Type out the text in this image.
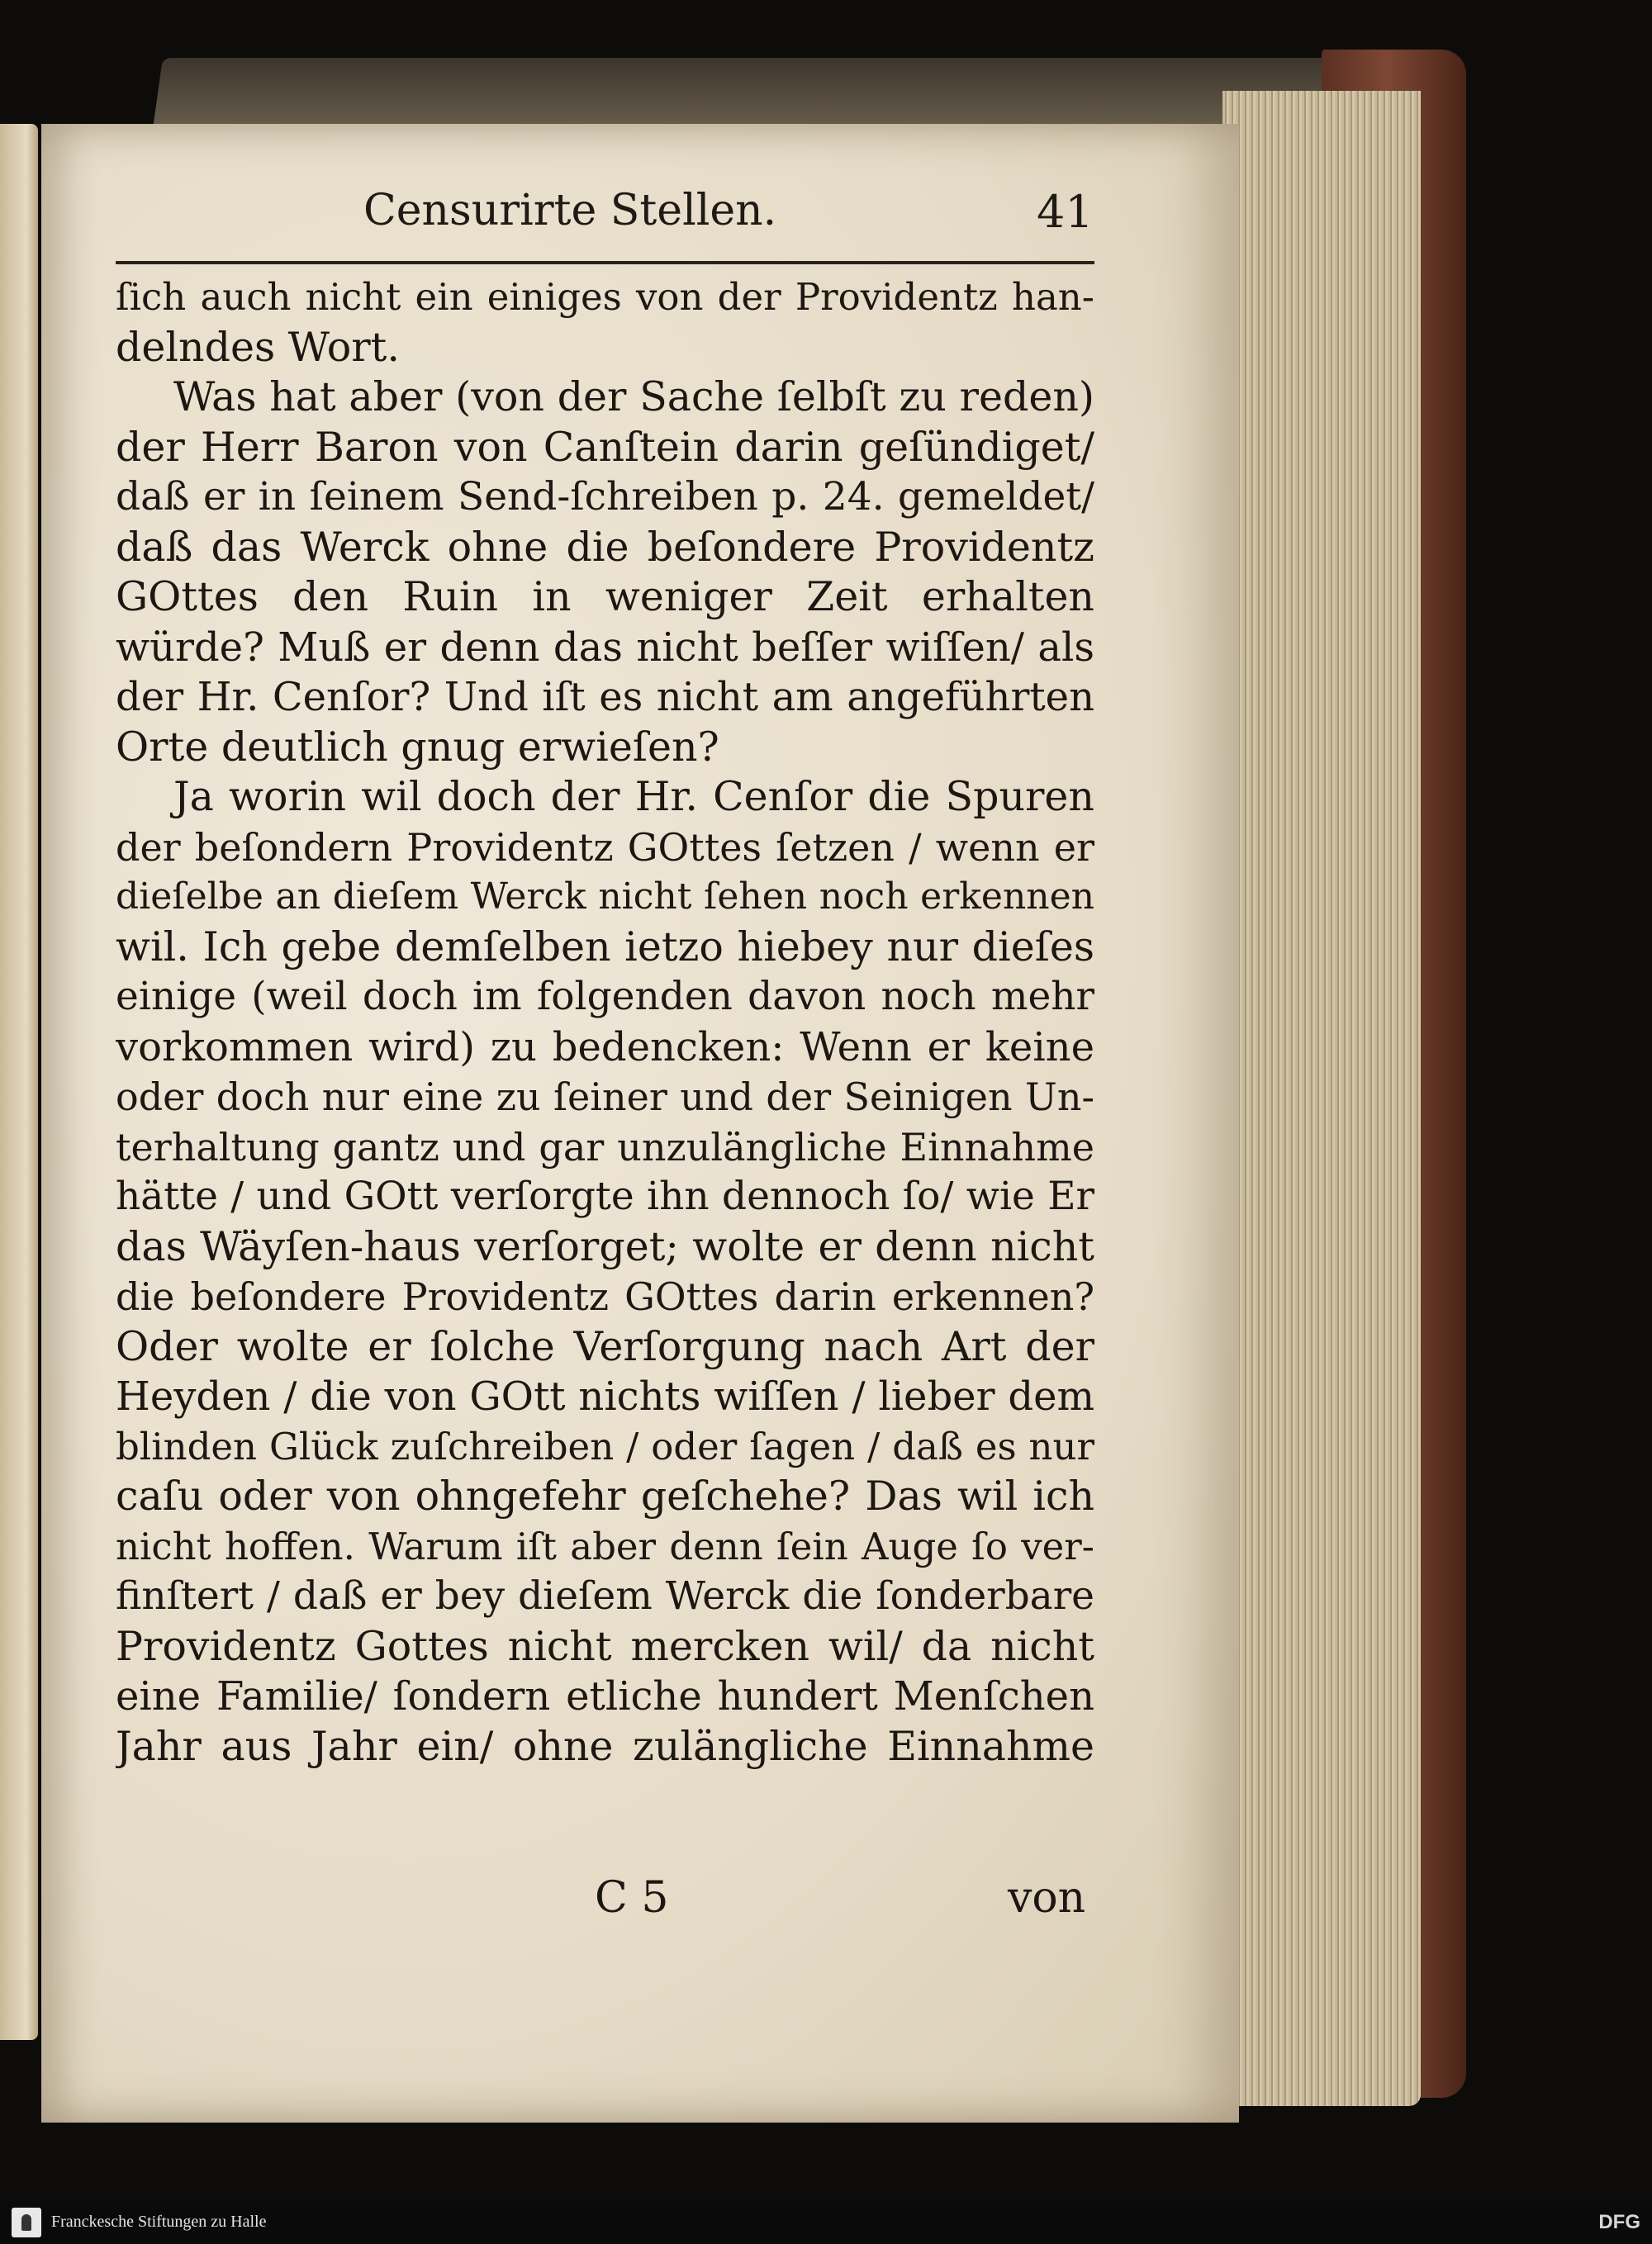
Censurirte Stellen.	41
ſich auch nicht ein einiges von der Providentz han-
delndes Wort.
Was hat aber (von der Sache ſelbſt zu reden)
der Herr Baron von Canſtein darin geſündiget/
daß er in ſeinem Send-ſchreiben p. 24. gemeldet/
daß das Werck ohne die beſondere Providentz
GOttes den Ruin in weniger Zeit erhalten
würde? Muß er denn das nicht beſſer wiſſen/ als
der Hr. Cenſor? Und iſt es nicht am angeführten
Orte deutlich gnug erwieſen?
Ja worin wil doch der Hr. Cenſor die Spuren
der beſondern Providentz GOttes ſetzen / wenn er
dieſelbe an dieſem Werck nicht ſehen noch erkennen
wil. Ich gebe demſelben ietzo hiebey nur dieſes
einige (weil doch im folgenden davon noch mehr
vorkommen wird) zu bedencken: Wenn er keine
oder doch nur eine zu ſeiner und der Seinigen Un-
terhaltung gantz und gar unzulängliche Einnahme
hätte / und GOtt verſorgte ihn dennoch ſo/ wie Er
das Wäyſen-haus verſorget; wolte er denn nicht
die beſondere Providentz GOttes darin erkennen?
Oder wolte er ſolche Verſorgung nach Art der
Heyden / die von GOtt nichts wiſſen / lieber dem
blinden Glück zuſchreiben / oder ſagen / daß es nur
caſu oder von ohngefehr geſchehe? Das wil ich
nicht hoffen. Warum iſt aber denn ſein Auge ſo ver-
finſtert / daß er bey dieſem Werck die ſonderbare
Providentz Gottes nicht mercken wil/ da nicht
eine Familie/ ſondern etliche hundert Menſchen
Jahr aus Jahr ein/ ohne zulängliche Einnahme
C 5	von
Franckesche Stiftungen zu Halle	DFG
